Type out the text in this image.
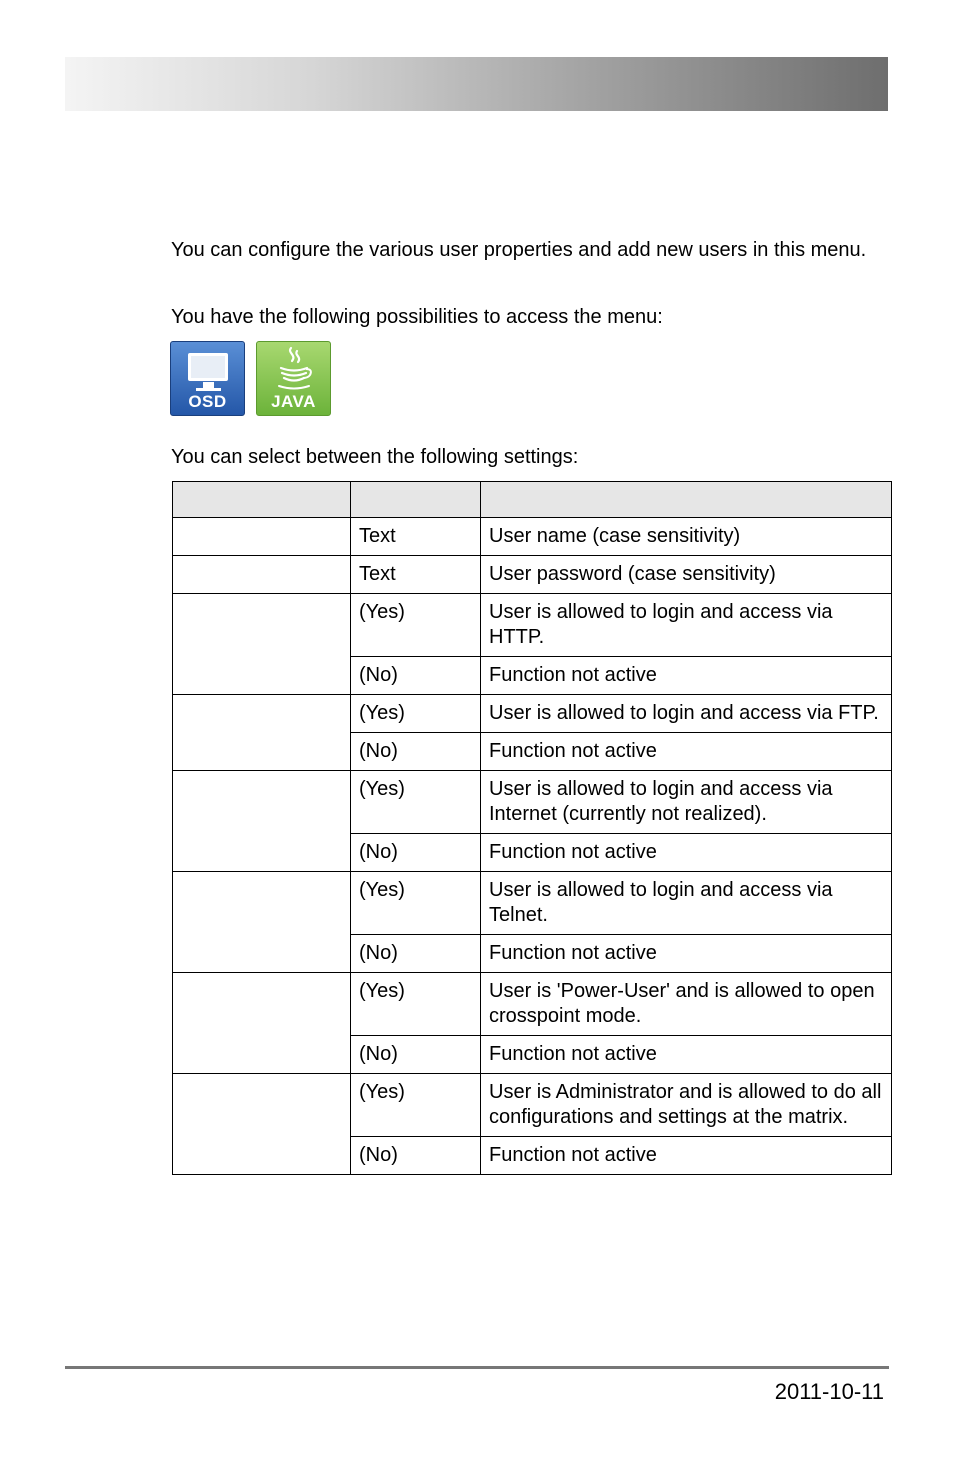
You can configure the various user properties and add new users in this menu.

You have the following possibilities to access the menu:

OSD	JAVA

You can select between the following settings:

	Text	User name (case sensitivity)
	Text	User password (case sensitivity)
	(Yes)	User is allowed to login and access via HTTP.
	(No)	Function not active
	(Yes)	User is allowed to login and access via FTP.
	(No)	Function not active
	(Yes)	User is allowed to login and access via Internet (currently not realized).
	(No)	Function not active
	(Yes)	User is allowed to login and access via Telnet.
	(No)	Function not active
	(Yes)	User is 'Power-User' and is allowed to open crosspoint mode.
	(No)	Function not active
	(Yes)	User is Administrator and is allowed to do all configurations and settings at the matrix.
	(No)	Function not active
2011-10-11
